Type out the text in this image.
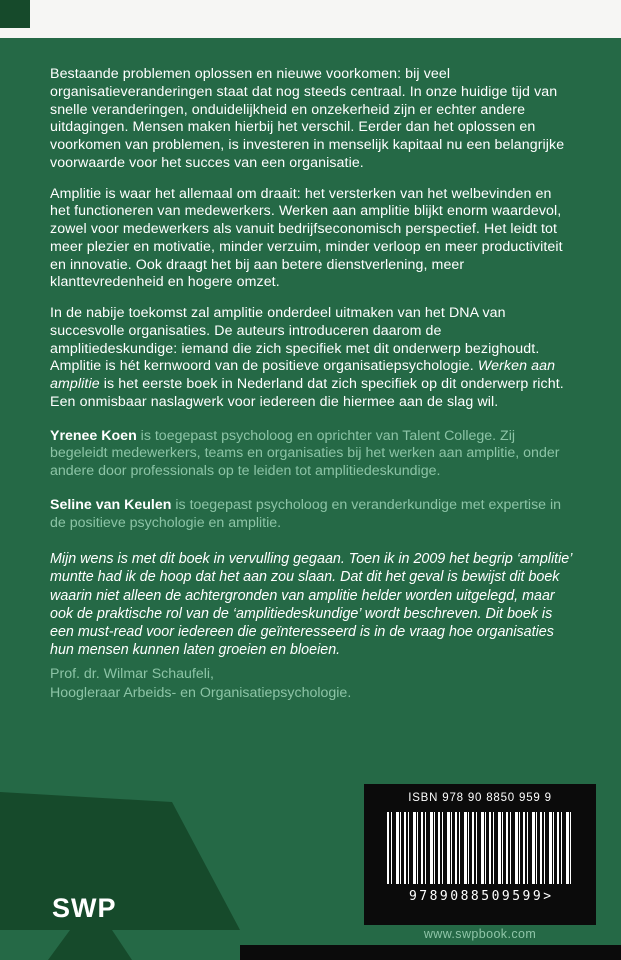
Bestaande problemen oplossen en nieuwe voorkomen: bij veel organisatieveranderingen staat dat nog steeds centraal. In onze huidige tijd van snelle veranderingen, onduidelijkheid en onzekerheid zijn er echter andere uitdagingen. Mensen maken hierbij het verschil. Eerder dan het oplossen en voorkomen van problemen, is investeren in menselijk kapitaal nu een belangrijke voorwaarde voor het succes van een organisatie.

Amplitie is waar het allemaal om draait: het versterken van het welbevinden en het functioneren van medewerkers. Werken aan amplitie blijkt enorm waardevol, zowel voor medewerkers als vanuit bedrijfseconomisch perspectief. Het leidt tot meer plezier en motivatie, minder verzuim, minder verloop en meer productiviteit en innovatie. Ook draagt het bij aan betere dienstverlening, meer klanttevredenheid en hogere omzet.

In de nabije toekomst zal amplitie onderdeel uitmaken van het DNA van succesvolle organisaties. De auteurs introduceren daarom de amplitiedeskundige: iemand die zich specifiek met dit onderwerp bezighoudt. Amplitie is hét kernwoord van de positieve organisatiepsychologie. Werken aan amplitie is het eerste boek in Nederland dat zich specifiek op dit onderwerp richt. Een onmisbaar naslagwerk voor iedereen die hiermee aan de slag wil.

Yrenee Koen is toegepast psycholoog en oprichter van Talent College. Zij begeleidt medewerkers, teams en organisaties bij het werken aan amplitie, onder andere door professionals op te leiden tot amplitiedeskundige.

Seline van Keulen is toegepast psycholoog en veranderkundige met expertise in de positieve psychologie en amplitie.

Mijn wens is met dit boek in vervulling gegaan. Toen ik in 2009 het begrip ‘amplitie’ muntte had ik de hoop dat het aan zou slaan. Dat dit het geval is bewijst dit boek waarin niet alleen de achtergronden van amplitie helder worden uitgelegd, maar ook de praktische rol van de ‘amplitiedeskundige’ wordt beschreven. Dit boek is een must-read voor iedereen die geïnteresseerd is in de vraag hoe organisaties hun mensen kunnen laten groeien en bloeien.

Prof. dr. Wilmar Schaufeli,
Hoogleraar Arbeids- en Organisatiepsychologie.

SWP
ISBN 978 90 8850 959 9
9789088509599>
www.swpbook.com
